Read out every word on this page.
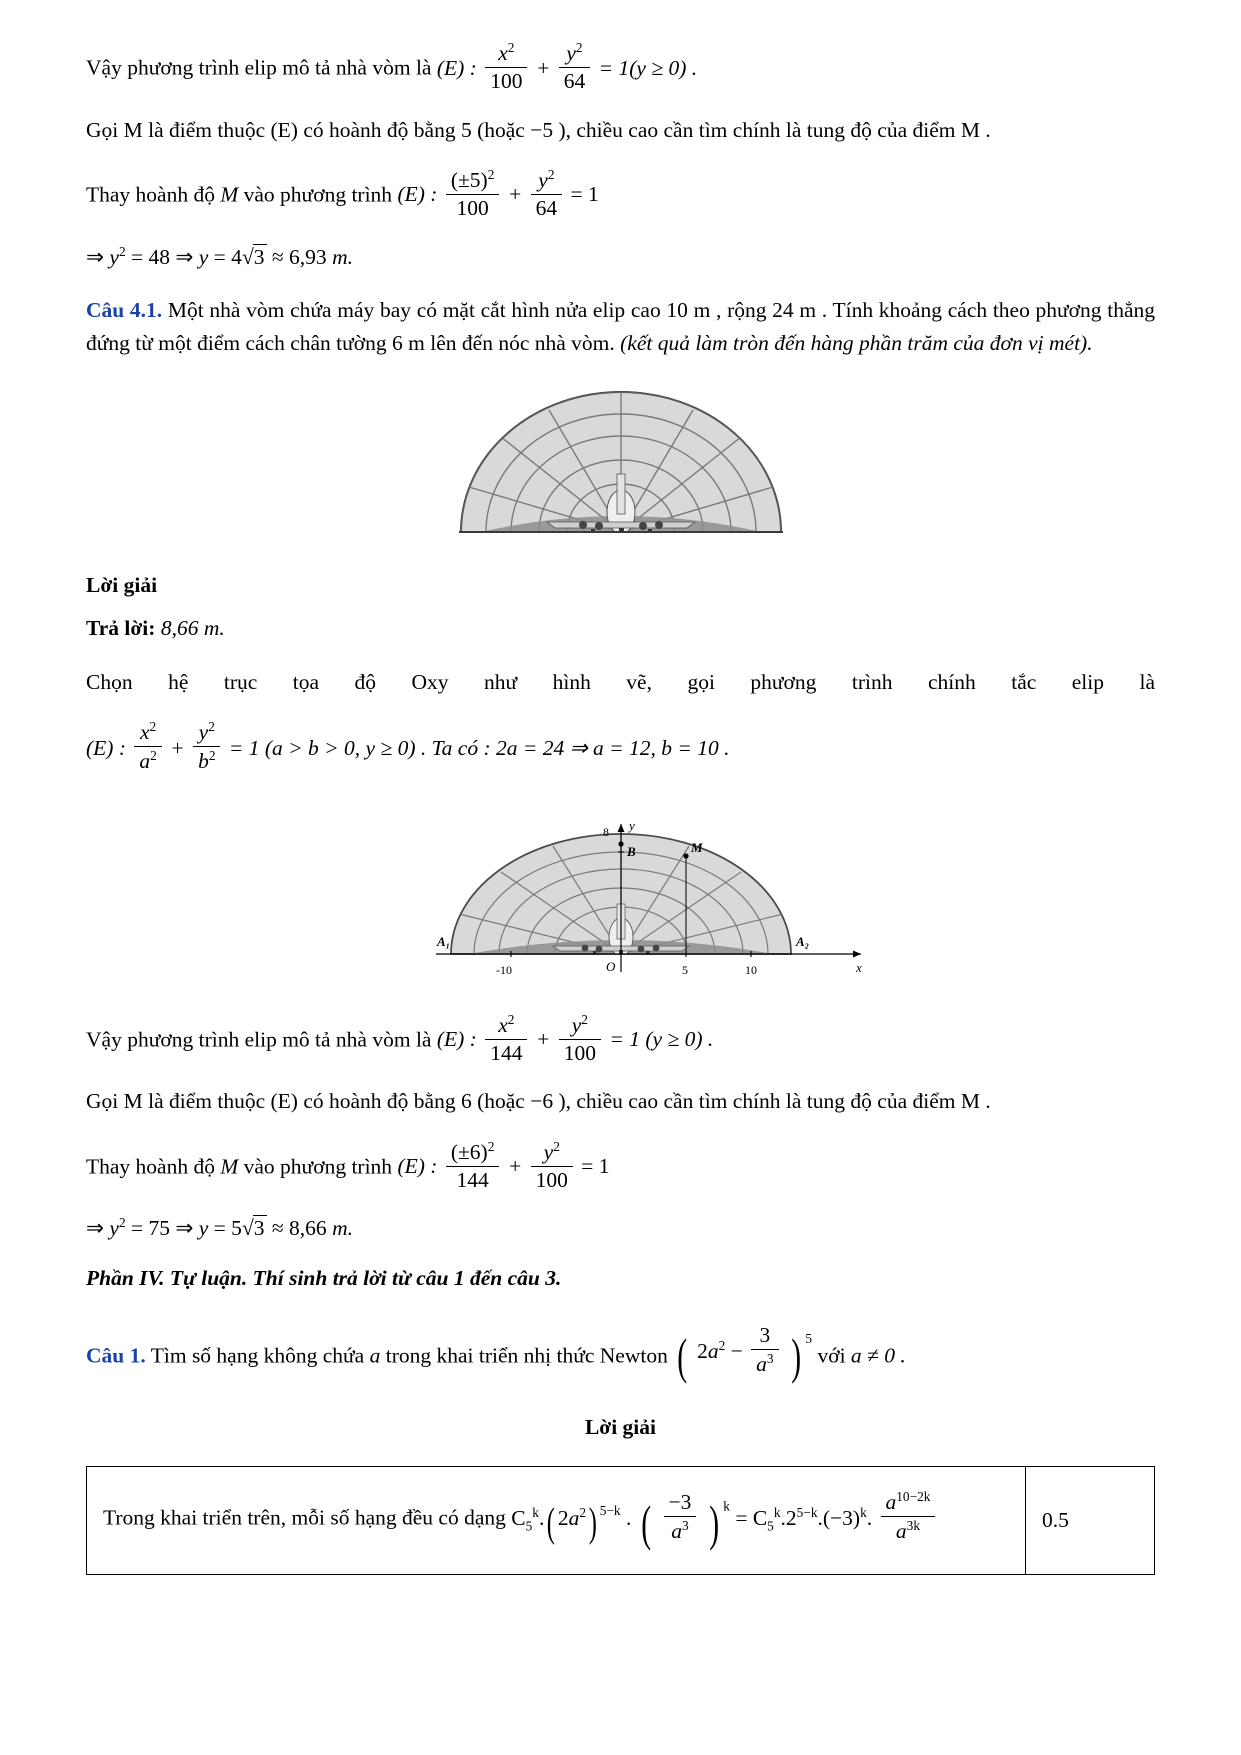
Vậy phương trình elip mô tả nhà vòm là (E) : $\frac{x^2}{100} + \frac{y^2}{64} = 1(y \ge 0)$ .

Gọi M là điểm thuộc (E) có hoành độ bằng 5 (hoặc −5 ), chiều cao cần tìm chính là tung độ của điểm M .

Thay hoành độ M vào phương trình (E) : $\frac{(\pm 5)^2}{100} + \frac{y^2}{64} = 1$

⇒ $y^2 = 48$ ⇒ y = 4√3 ≈ 6,93 m.

Câu 4.1. Một nhà vòm chứa máy bay có mặt cắt hình nửa elip cao 10 m , rộng 24 m . Tính khoảng cách theo phương thẳng đứng từ một điểm cách chân tường 6 m lên đến nóc nhà vòm. (kết quả làm tròn đến hàng phần trăm của đơn vị mét).

Lời giải

Trả lời: 8,66 m.

Chọn hệ trục tọa độ Oxy như hình vẽ, gọi phương trình chính tắc elip là

(E) : $\frac{x^2}{a^2} + \frac{y^2}{b^2} = 1$ (a > b > 0, y ≥ 0) . Ta có : 2a = 24 ⇒ a = 12, b = 10 .

x
y
O
-10	5	10
8
B	M
A₁	A₂

Vậy phương trình elip mô tả nhà vòm là (E) : $\frac{x^2}{144} + \frac{y^2}{100} = 1$ (y ≥ 0) .

Gọi M là điểm thuộc (E) có hoành độ bằng 6 (hoặc −6 ), chiều cao cần tìm chính là tung độ của điểm M .

Thay hoành độ M vào phương trình (E) : $\frac{(\pm 6)^2}{144} + \frac{y^2}{100} = 1$

⇒ $y^2 = 75$ ⇒ y = 5√3 ≈ 8,66 m.

Phần IV. Tự luận. Thí sinh trả lời từ câu 1 đến câu 3.

Câu 1. Tìm số hạng không chứa a trong khai triển nhị thức Newton ( $2a^2 - \frac{3}{a^3}$ ) $^5$ với a ≠ 0 .

Lời giải

Trong khai triển trên, mỗi số hạng đều có dạng $C_5^k$.( $2a^2$) $^{5-k}$ . ( $\frac{-3}{a^3}$ ) $^k = C_5^k.2^{5-k}.(-3)^k$. $\frac{a^{10-2k}}{a^{3k}}$	0.5
